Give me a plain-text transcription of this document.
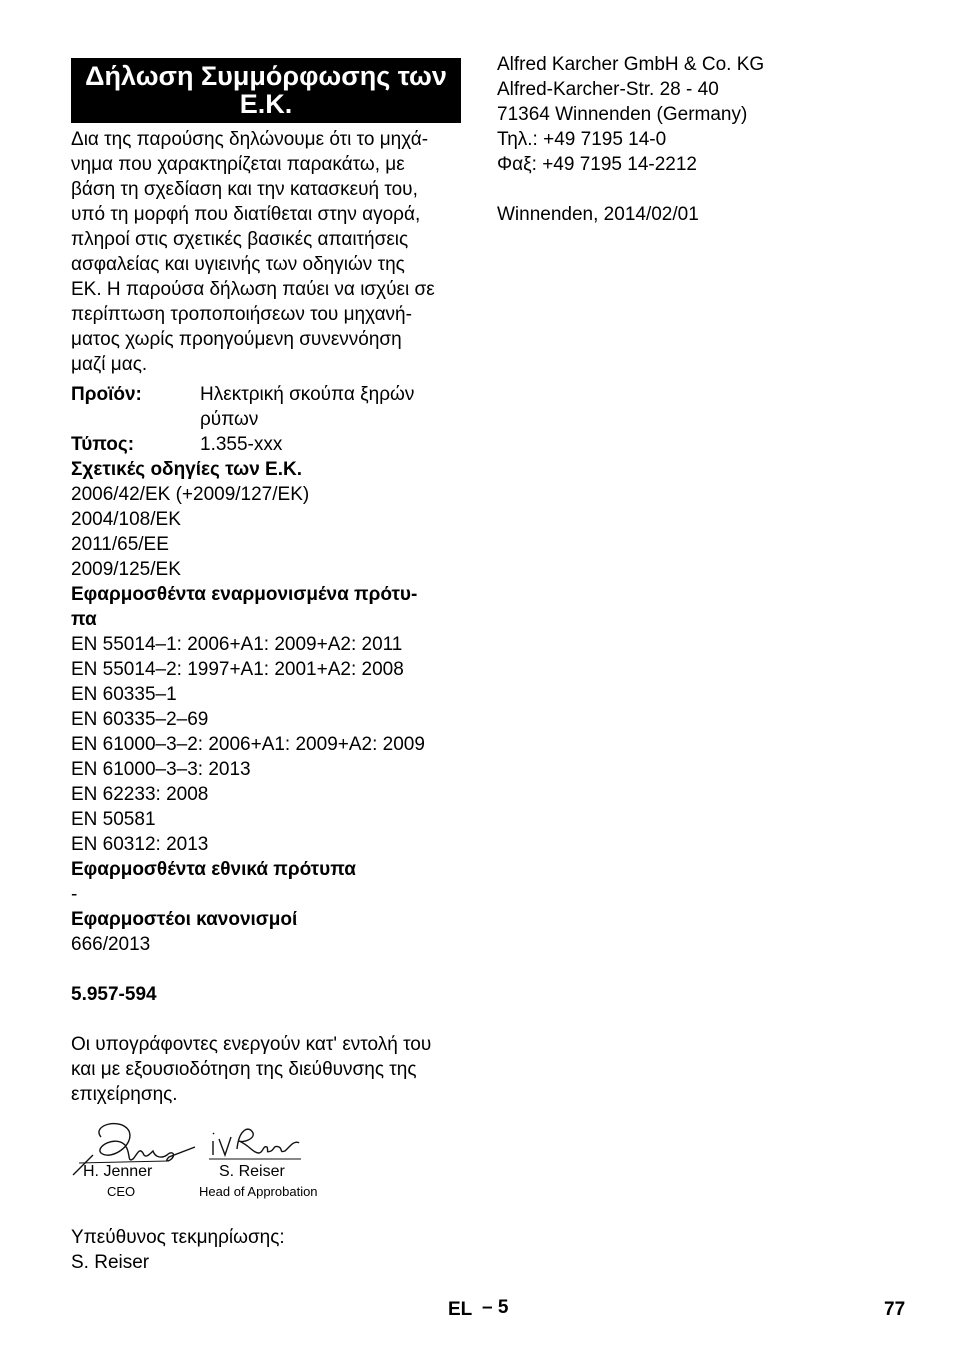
Δήλωση Συμμόρφωσης των Ε.Κ.

Δια της παρούσης δηλώνουμε ότι το μηχά-

νημα που χαρακτηρίζεται παρακάτω, με

βάση τη σχεδίαση και την κατασκευή του,

υπό τη μορφή που διατίθεται στην αγορά,

πληροί στις σχετικές βασικές απαιτήσεις

ασφαλείας και υγιεινής των οδηγιών της

ΕΚ. Η παρούσα δήλωση παύει να ισχύει σε

περίπτωση τροποποιήσεων του μηχανή-

ματος χωρίς προηγούμενη συνεννόηση

μαζί μας.

Προϊόν:	Ηλεκτρική σκούπα ξηρών
ρύπων
Τύπος:	1.355-xxx

Σχετικές οδηγίες των Ε.Κ.

2006/42/EK (+2009/127/EK)

2004/108/EK

2011/65/EE

2009/125/EK

Εφαρμοσθέντα εναρμονισμένα πρότυ-

πα

EN 55014–1: 2006+A1: 2009+A2: 2011

EN 55014–2: 1997+A1: 2001+A2: 2008

EN 60335–1

EN 60335–2–69

EN 61000–3–2: 2006+A1: 2009+A2: 2009

EN 61000–3–3: 2013

EN 62233: 2008

EN 50581

EN 60312: 2013

Εφαρμοσθέντα εθνικά πρότυπα

-

Εφαρμοστέοι κανονισμοί

666/2013

5.957-594

Οι υπογράφοντες ενεργούν κατ' εντολή του

και με εξουσιοδότηση της διεύθυνσης της

επιχείρησης.

H. Jenner
CEO
S. Reiser
Head of Approbation

Υπεύθυνος τεκμηρίωσης:

S. Reiser

Alfred Karcher GmbH & Co. KG

Alfred-Karcher-Str. 28 - 40

71364 Winnenden (Germany)

Τηλ.: +49 7195 14-0

Φαξ: +49 7195 14-2212

Winnenden, 2014/02/01

EL – 5	77
